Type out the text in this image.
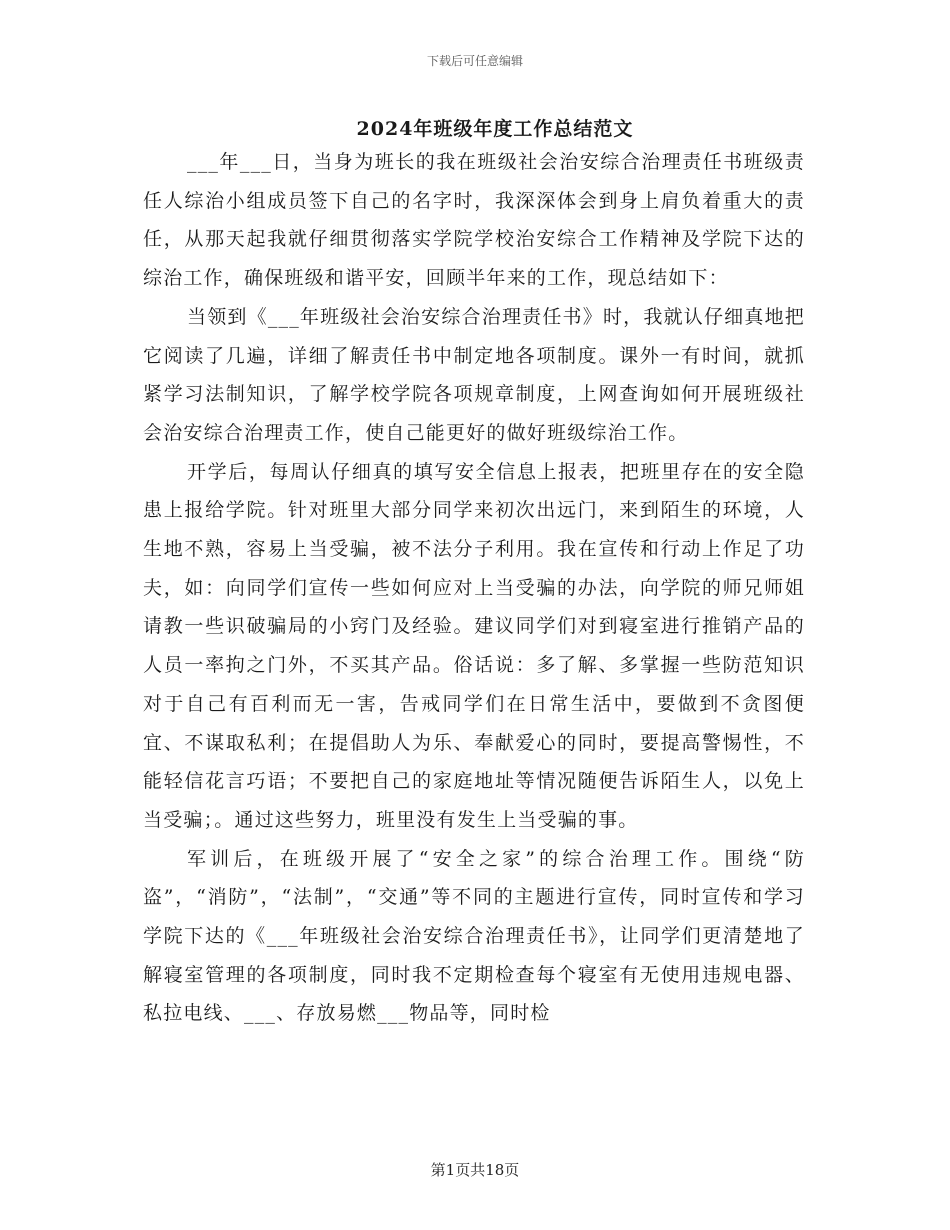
下载后可任意编辑
2024年班级年度工作总结范文

___年___日，当身为班长的我在班级社会治安综合治理责任书班级责任人综治小组成员签下自己的名字时，我深深体会到身上肩负着重大的责任，从那天起我就仔细贯彻落实学院学校治安综合工作精神及学院下达的综治工作，确保班级和谐平安，回顾半年来的工作，现总结如下：

当领到《___年班级社会治安综合治理责任书》时，我就认仔细真地把它阅读了几遍，详细了解责任书中制定地各项制度。课外一有时间，就抓紧学习法制知识，了解学校学院各项规章制度，上网查询如何开展班级社会治安综合治理责工作，使自己能更好的做好班级综治工作。

开学后，每周认仔细真的填写安全信息上报表，把班里存在的安全隐患上报给学院。针对班里大部分同学来初次出远门，来到陌生的环境，人生地不熟，容易上当受骗，被不法分子利用。我在宣传和行动上作足了功夫，如：向同学们宣传一些如何应对上当受骗的办法，向学院的师兄师姐请教一些识破骗局的小窍门及经验。建议同学们对到寝室进行推销产品的人员一率拘之门外，不买其产品。俗话说：多了解、多掌握一些防范知识对于自己有百利而无一害，告戒同学们在日常生活中，要做到不贪图便宜、不谋取私利；在提倡助人为乐、奉献爱心的同时，要提高警惕性，不能轻信花言巧语；不要把自己的家庭地址等情况随便告诉陌生人，以免上当受骗；。通过这些努力，班里没有发生上当受骗的事。

军训后，在班级开展了“安全之家”的综合治理工作。围绕“防盗”，“消防”，“法制”，“交通”等不同的主题进行宣传，同时宣传和学习学院下达的《___年班级社会治安综合治理责任书》，让同学们更清楚地了解寝室管理的各项制度，同时我不定期检查每个寝室有无使用违规电器、私拉电线、___、存放易燃___物品等，同时检

第1页共18页
